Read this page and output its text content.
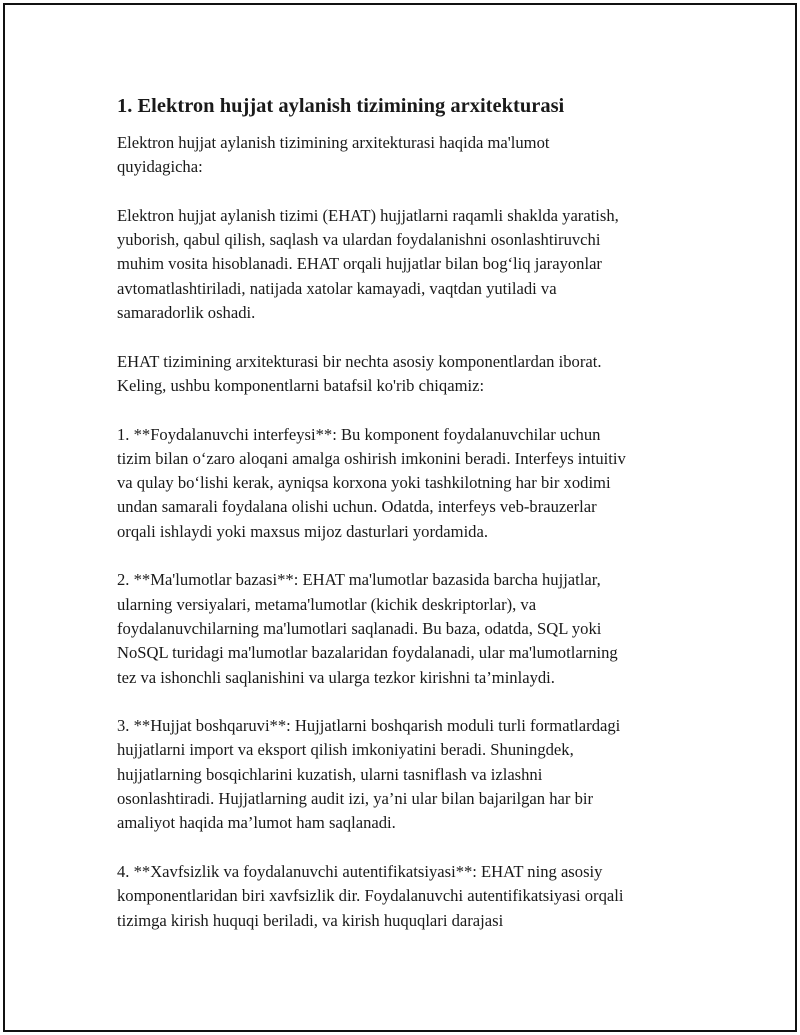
1. Elektron hujjat aylanish tizimining arxitekturasi

Elektron hujjat aylanish tizimining arxitekturasi haqida ma'lumot
quyidagicha:

Elektron hujjat aylanish tizimi (EHAT) hujjatlarni raqamli shaklda yaratish,
yuborish, qabul qilish, saqlash va ulardan foydalanishni osonlashtiruvchi
muhim vosita hisoblanadi. EHAT orqali hujjatlar bilan bog‘liq jarayonlar
avtomatlashtiriladi, natijada xatolar kamayadi, vaqtdan yutiladi va
samaradorlik oshadi.

EHAT tizimining arxitekturasi bir nechta asosiy komponentlardan iborat.
Keling, ushbu komponentlarni batafsil ko'rib chiqamiz:

1. **Foydalanuvchi interfeysi**: Bu komponent foydalanuvchilar uchun
tizim bilan o‘zaro aloqani amalga oshirish imkonini beradi. Interfeys intuitiv
va qulay bo‘lishi kerak, ayniqsa korxona yoki tashkilotning har bir xodimi
undan samarali foydalana olishi uchun. Odatda, interfeys veb-brauzerlar
orqali ishlaydi yoki maxsus mijoz dasturlari yordamida.

2. **Ma'lumotlar bazasi**: EHAT ma'lumotlar bazasida barcha hujjatlar,
ularning versiyalari, metama'lumotlar (kichik deskriptorlar), va
foydalanuvchilarning ma'lumotlari saqlanadi. Bu baza, odatda, SQL yoki
NoSQL turidagi ma'lumotlar bazalaridan foydalanadi, ular ma'lumotlarning
tez va ishonchli saqlanishini va ularga tezkor kirishni ta’minlaydi.

3. **Hujjat boshqaruvi**: Hujjatlarni boshqarish moduli turli formatlardagi
hujjatlarni import va eksport qilish imkoniyatini beradi. Shuningdek,
hujjatlarning bosqichlarini kuzatish, ularni tasniflash va izlashni
osonlashtiradi. Hujjatlarning audit izi, ya’ni ular bilan bajarilgan har bir
amaliyot haqida ma’lumot ham saqlanadi.

4. **Xavfsizlik va foydalanuvchi autentifikatsiyasi**: EHAT ning asosiy
komponentlaridan biri xavfsizlik dir. Foydalanuvchi autentifikatsiyasi orqali
tizimga kirish huquqi beriladi, va kirish huquqlari darajasi
